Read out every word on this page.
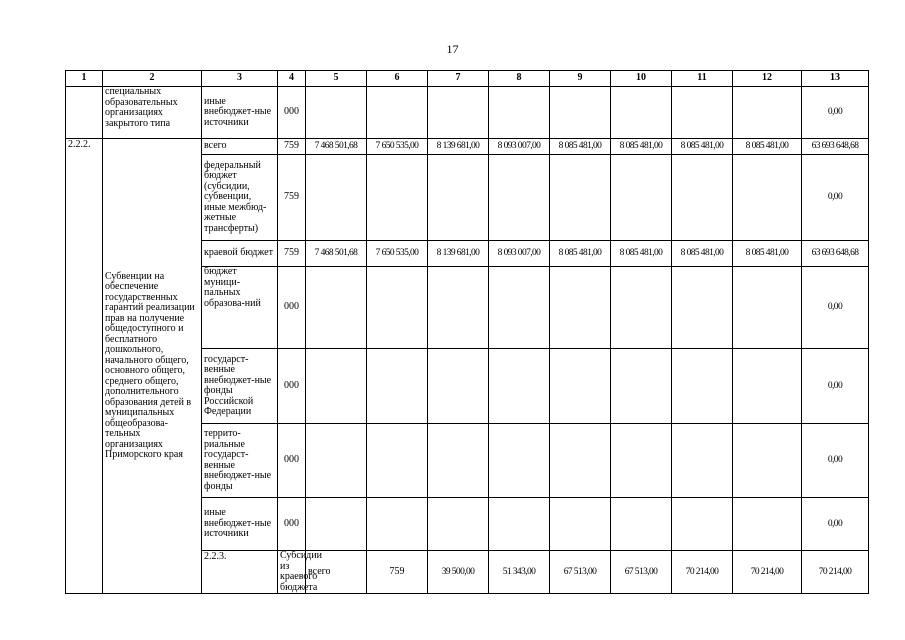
17
1	2	3	4	5	6	7	8	9	10	11	12	13	
	специальных образовательных организациях закрытого типа	иные внебюджет-ные источники	000									0,00	
2.2.2.	Субвенции на обеспечение государственных гарантий реализации прав на получение общедоступного и бесплатного дошкольного, начального общего, основного общего, среднего общего, дополнительного образования детей в муниципальных общеобразова-тельных организациях Приморского края	всего	759	7 468 501,68	7 650 535,00	8 139 681,00	8 093 007,00	8 085 481,00	8 085 481,00	8 085 481,00	8 085 481,00	63 693 648,68	
		федеральный бюджет (субсидии, субвенции, иные межбюд-жетные трансферты)	759									0,00	
		краевой бюджет	759	7 468 501,68	7 650 535,00	8 139 681,00	8 093 007,00	8 085 481,00	8 085 481,00	8 085 481,00	8 085 481,00	63 693 648,68	
		бюджет муници-пальных образова-ний	000									0,00	
		государст-венные внебюджет-ные фонды Российской Федерации	000									0,00	
		террито-риальные государст-венные внебюджет-ные фонды	000									0,00	
		иные внебюджет-ные источники	000									0,00	
		2.2.3.	Субсидии из краевого бюджета	всего	759	39 500,00	51 343,00	67 513,00	67 513,00	70 214,00	70 214,00	70 214,00		
